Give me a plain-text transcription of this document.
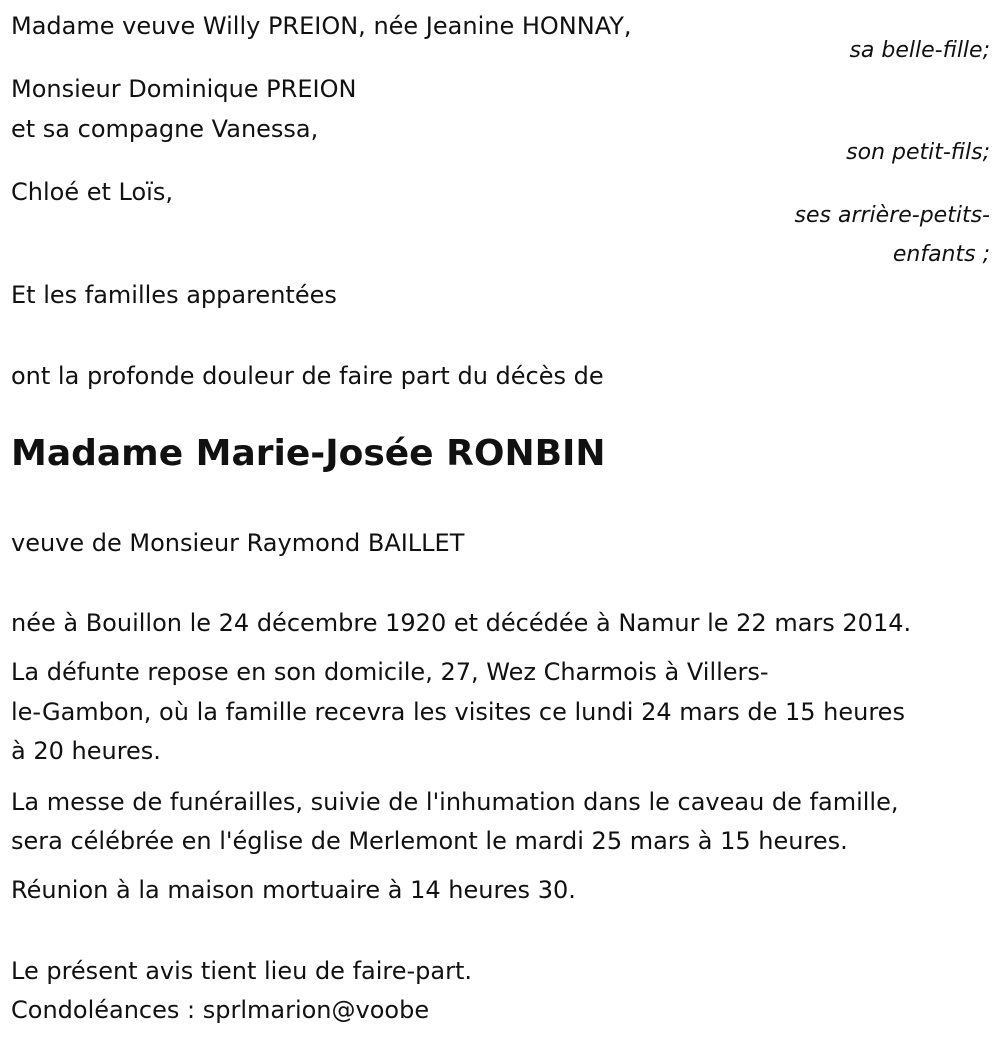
Madame veuve Willy PREION, née Jeanine HONNAY,
sa belle-fille;
Monsieur Dominique PREION
et sa compagne Vanessa,
son petit-fils;
Chloé et Loïs,
ses arrière-petits-
enfants ;
Et les familles apparentées
ont la profonde douleur de faire part du décès de
Madame Marie-Josée RONBIN
veuve de Monsieur Raymond BAILLET
née à Bouillon le 24 décembre 1920 et décédée à Namur le 22 mars 2014.
La défunte repose en son domicile, 27, Wez Charmois à Villers-
le-Gambon, où la famille recevra les visites ce lundi 24 mars de 15 heures
à 20 heures.
La messe de funérailles, suivie de l'inhumation dans le caveau de famille,
sera célébrée en l'église de Merlemont le mardi 25 mars à 15 heures.
Réunion à la maison mortuaire à 14 heures 30.
Le présent avis tient lieu de faire-part.
Condoléances : sprlmarion@voobe
